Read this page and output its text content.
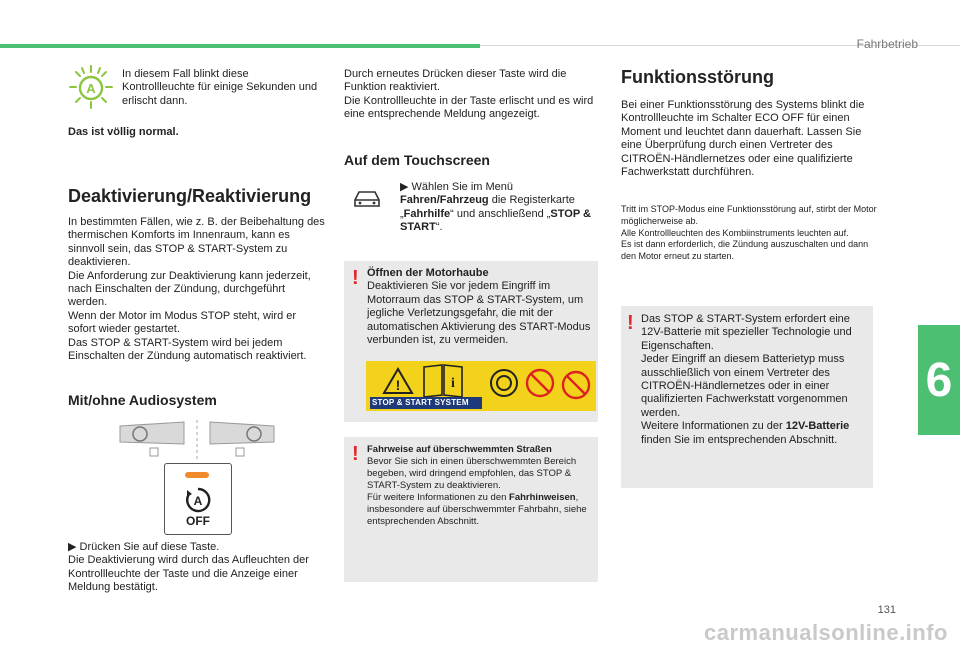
Fahrbetrieb
A
In diesem Fall blinkt diese Kontrollleuchte für einige Sekunden und erlischt dann.
Das ist völlig normal.
Deaktivierung/Reaktivierung
In bestimmten Fällen, wie z. B. der Beibehaltung des thermischen Komforts im Innenraum, kann es sinnvoll sein, das STOP & START-System zu deaktivieren.
Die Anforderung zur Deaktivierung kann jederzeit, nach Einschalten der Zündung, durchgeführt werden.
Wenn der Motor im Modus STOP steht, wird er sofort wieder gestartet.
Das STOP & START-System wird bei jedem Einschalten der Zündung automatisch reaktiviert.
Mit/ohne Audiosystem
A
OFF
▶ Drücken Sie auf diese Taste.
Die Deaktivierung wird durch das Aufleuchten der Kontrollleuchte der Taste und die Anzeige einer Meldung bestätigt.
Durch erneutes Drücken dieser Taste wird die Funktion reaktiviert.
Die Kontrollleuchte in der Taste erlischt und es wird eine entsprechende Meldung angezeigt.
Auf dem Touchscreen
▶ Wählen Sie im Menü Fahren/Fahrzeug die Registerkarte „Fahrhilfe“ und anschließend „STOP & START“.
! Öffnen der Motorhaube
Deaktivieren Sie vor jedem Eingriff im Motorraum das STOP & START-System, um jegliche Verletzungsgefahr, die mit der automatischen Aktivierung des START-Modus verbunden ist, zu vermeiden.
!	i
STOP & START SYSTEM
! Fahrweise auf überschwemmten Straßen
Bevor Sie sich in einen überschwemmten Bereich begeben, wird dringend empfohlen, das STOP & START-System zu deaktivieren.
Für weitere Informationen zu den Fahrhinweisen, insbesondere auf überschwemmter Fahrbahn, siehe entsprechenden Abschnitt.
Funktionsstörung
Bei einer Funktionsstörung des Systems blinkt die Kontrollleuchte im Schalter ECO OFF für einen Moment und leuchtet dann dauerhaft. Lassen Sie eine Überprüfung durch einen Vertreter des CITROËN-Händlernetzes oder eine qualifizierte Fachwerkstatt durchführen.
Tritt im STOP-Modus eine Funktionsstörung auf, stirbt der Motor möglicherweise ab.
Alle Kontrollleuchten des Kombiinstruments leuchten auf.
Es ist dann erforderlich, die Zündung auszuschalten und dann den Motor erneut zu starten.
! Das STOP & START-System erfordert eine 12V-Batterie mit spezieller Technologie und Eigenschaften.
Jeder Eingriff an diesem Batterietyp muss ausschließlich von einem Vertreter des CITROËN-Händlernetzes oder in einer qualifizierten Fachwerkstatt vorgenommen werden.
Weitere Informationen zu der 12V-Batterie finden Sie im entsprechenden Abschnitt.
6
131
carmanualsonline.info
